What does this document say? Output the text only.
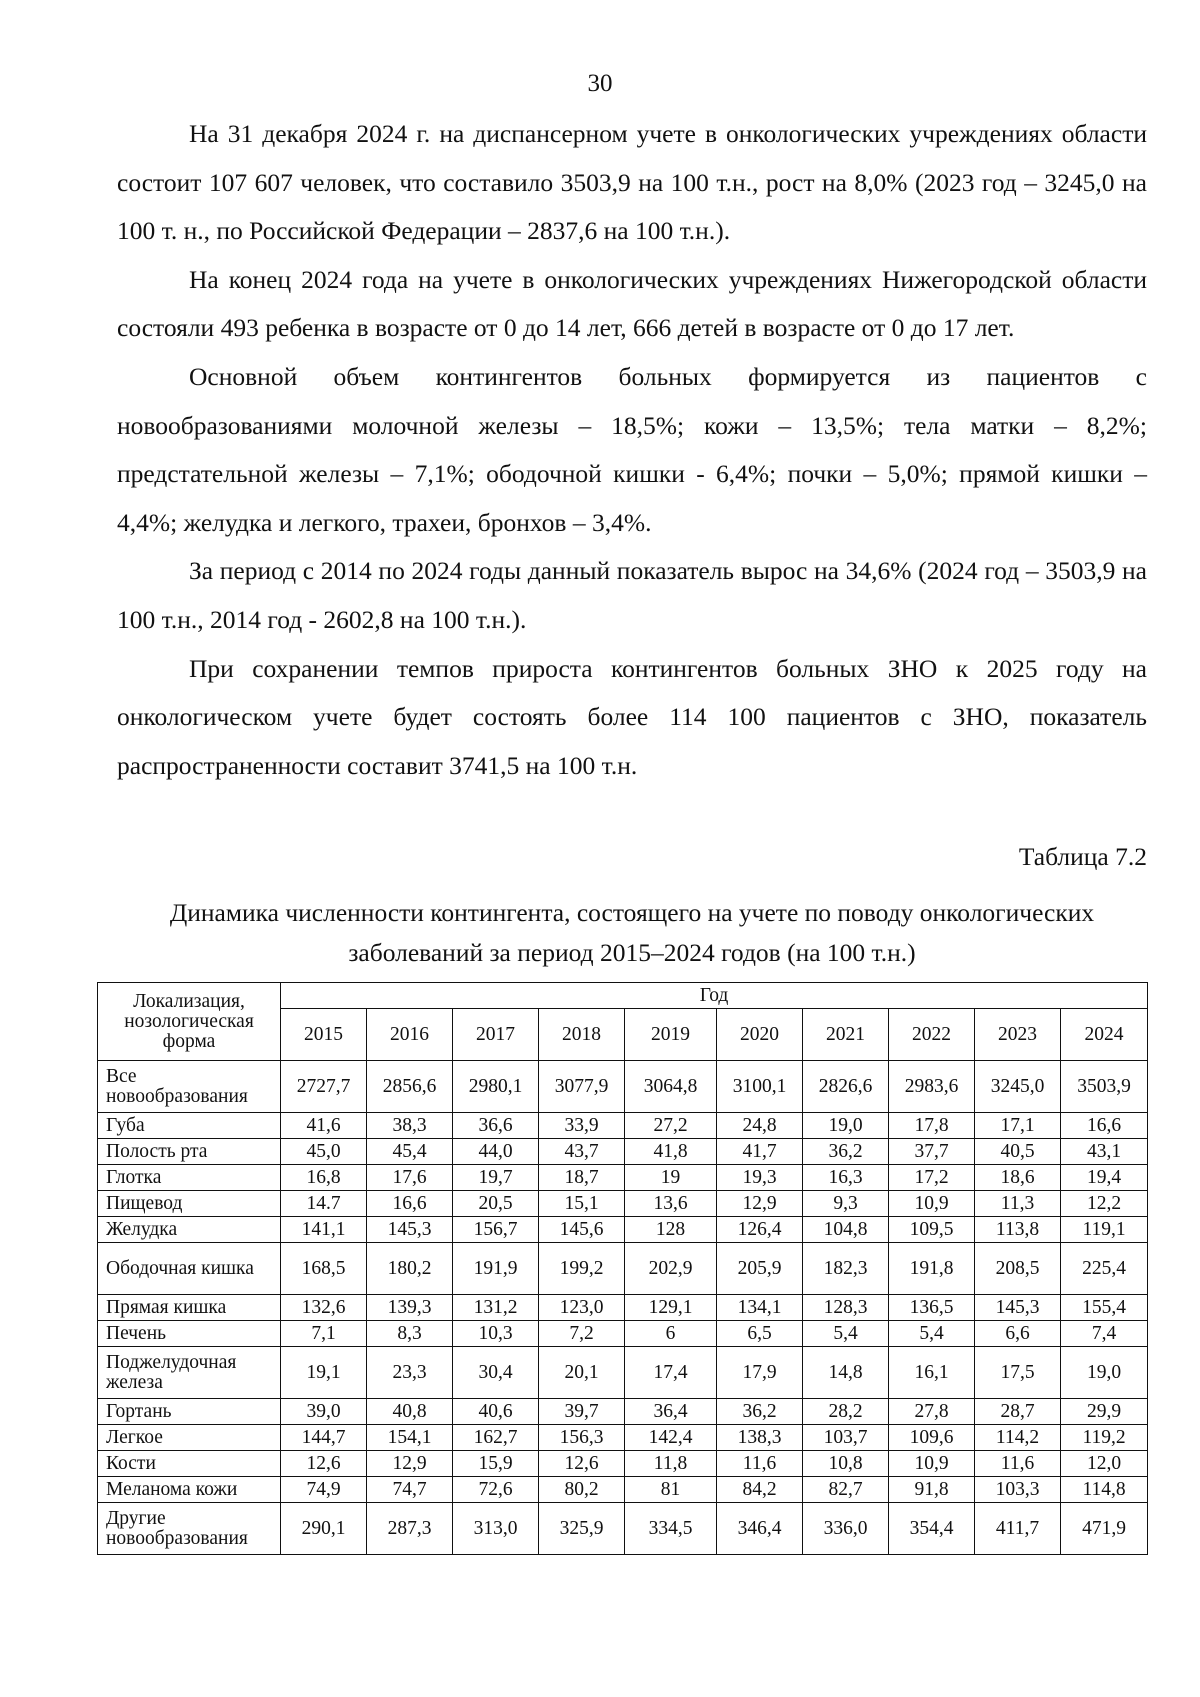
30

На 31 декабря 2024 г. на диспансерном учете в онкологических учреждениях области состоит 107 607 человек, что составило 3503,9 на 100 т.н., рост на 8,0% (2023 год – 3245,0 на 100 т. н., по Российской Федерации – 2837,6 на 100 т.н.).

На конец 2024 года на учете в онкологических учреждениях Нижегородской области состояли 493 ребенка в возрасте от 0 до 14 лет, 666 детей в возрасте от 0 до 17 лет.

Основной объем контингентов больных формируется из пациентов с новообразованиями молочной железы – 18,5%; кожи – 13,5%; тела матки – 8,2%; предстательной железы – 7,1%; ободочной кишки - 6,4%; почки – 5,0%; прямой кишки – 4,4%; желудка и легкого, трахеи, бронхов – 3,4%.

За период с 2014 по 2024 годы данный показатель вырос на 34,6% (2024 год – 3503,9 на 100 т.н., 2014 год - 2602,8 на 100 т.н.).

При сохранении темпов прироста контингентов больных ЗНО к 2025 году на онкологическом учете будет состоять более 114 100 пациентов с ЗНО, показатель распространенности составит 3741,5 на 100 т.н.

Таблица 7.2
Динамика численности контингента, состоящего на учете по поводу онкологических
заболеваний за период 2015–2024 годов (на 100 т.н.)
Локализация, нозологическая форма	Год									
	2015	2016	2017	2018	2019	2020	2021	2022	2023	2024
Все новообразования	2727,7	2856,6	2980,1	3077,9	3064,8	3100,1	2826,6	2983,6	3245,0	3503,9
Губа	41,6	38,3	36,6	33,9	27,2	24,8	19,0	17,8	17,1	16,6
Полость рта	45,0	45,4	44,0	43,7	41,8	41,7	36,2	37,7	40,5	43,1
Глотка	16,8	17,6	19,7	18,7	19	19,3	16,3	17,2	18,6	19,4
Пищевод	14.7	16,6	20,5	15,1	13,6	12,9	9,3	10,9	11,3	12,2
Желудка	141,1	145,3	156,7	145,6	128	126,4	104,8	109,5	113,8	119,1
Ободочная кишка	168,5	180,2	191,9	199,2	202,9	205,9	182,3	191,8	208,5	225,4
Прямая кишка	132,6	139,3	131,2	123,0	129,1	134,1	128,3	136,5	145,3	155,4
Печень	7,1	8,3	10,3	7,2	6	6,5	5,4	5,4	6,6	7,4
Поджелудочная железа	19,1	23,3	30,4	20,1	17,4	17,9	14,8	16,1	17,5	19,0
Гортань	39,0	40,8	40,6	39,7	36,4	36,2	28,2	27,8	28,7	29,9
Легкое	144,7	154,1	162,7	156,3	142,4	138,3	103,7	109,6	114,2	119,2
Кости	12,6	12,9	15,9	12,6	11,8	11,6	10,8	10,9	11,6	12,0
Меланома кожи	74,9	74,7	72,6	80,2	81	84,2	82,7	91,8	103,3	114,8
Другие новообразования	290,1	287,3	313,0	325,9	334,5	346,4	336,0	354,4	411,7	471,9
